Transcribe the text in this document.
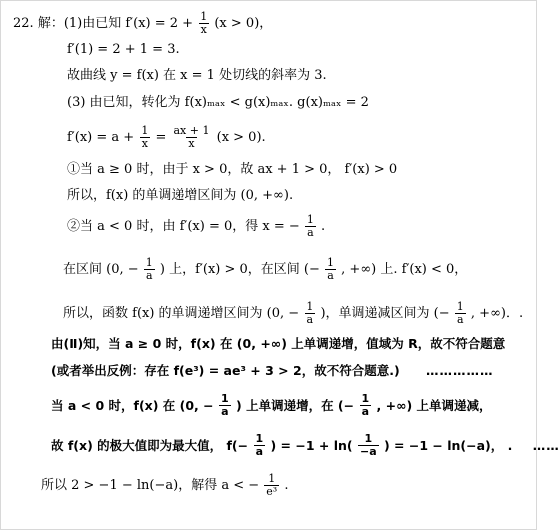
22. 解：(1)由已知 $f'(x) = 2 + \frac{1}{x} (x > 0)$，
f′(1) = 2 + 1 = 3.
故曲线 y = f(x) 在 x = 1 处切线的斜率为 3.
(3) 由已知，转化为 f(x)ₘₐₓ < g(x)ₘₐₓ. g(x)ₘₐₓ = 2
$f'(x) = a + \frac{1}{x} = \frac{ax + 1}{x} (x > 0)$.
①当 a ≥ 0 时，由于 x > 0，故 ax + 1 > 0， f′(x) > 0
所以，f(x) 的单调递增区间为 (0, +∞).
②当 a < 0 时，由 f′(x) = 0，得 x = − $\frac{1}{a}$ .
在区间 (0, − $\frac{1}{a}$ ) 上，f′(x) > 0，在区间 (− $\frac{1}{a}$ , +∞) 上. f′(x) < 0，
所以，函数 f(x) 的单调递增区间为 (0, − $\frac{1}{a}$ )，单调递减区间为 (− $\frac{1}{a}$ , +∞)．.
由(Ⅱ)知，当 a ≥ 0 时，f(x) 在 (0, +∞) 上单调递增，值域为 R，故不符合题意
(或者举出反例：存在 f(e³) = ae³ + 3 > 2，故不符合题意.) ……………
当 a < 0 时，f(x) 在 (0, − $\frac{1}{a}$ ) 上单调递增，在 (− $\frac{1}{a}$ , +∞) 上单调递减，
故 f(x) 的极大值即为最大值， $f(- \frac{1}{a}$ ) = $-1 + \ln( \frac{1}{-a}$ ) = −1 − ln(−a)， . ……
所以 2 > −1 − ln(−a)，解得 a < − $\frac{1}{\text{e³}}$ .
